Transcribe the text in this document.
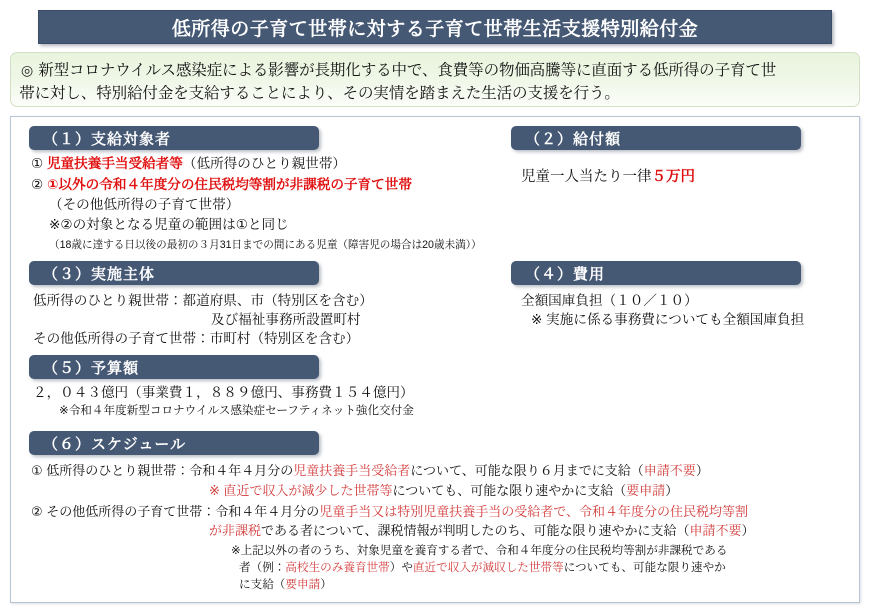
低所得の子育て世帯に対する子育て世帯生活支援特別給付金
◎ 新型コロナウイルス感染症による影響が長期化する中で、食費等の物価高騰等に直面する低所得の子育て世
帯に対し、特別給付金を支給することにより、その実情を踏まえた生活の支援を行う。
（１）支給対象者
① 児童扶養手当受給者等（低所得のひとり親世帯）
② ①以外の令和４年度分の住民税均等割が非課税の子育て世帯
（その他低所得の子育て世帯）
※②の対象となる児童の範囲は①と同じ
（18歳に達する日以後の最初の３月31日までの間にある児童（障害児の場合は20歳未満））
（２）給付額
児童一人当たり一律５万円
（３）実施主体
低所得のひとり親世帯：都道府県、市（特別区を含む）
及び福祉事務所設置町村
その他低所得の子育て世帯：市町村（特別区を含む）
（４）費用
全額国庫負担（１０／１０）
※ 実施に係る事務費についても全額国庫負担
（５）予算額
２，０４３億円（事業費１，８８９億円、事務費１５４億円）
※令和４年度新型コロナウイルス感染症セーフティネット強化交付金
（６）スケジュール
① 低所得のひとり親世帯：令和４年４月分の児童扶養手当受給者について、可能な限り６月までに支給（申請不要）
※ 直近で収入が減少した世帯等についても、可能な限り速やかに支給（要申請）
② その他低所得の子育て世帯：令和４年４月分の児童手当又は特別児童扶養手当の受給者で、令和４年度分の住民税均等割
が非課税である者について、課税情報が判明したのち、可能な限り速やかに支給（申請不要）
※上記以外の者のうち、対象児童を養育する者で、令和４年度分の住民税均等割が非課税である
者（例：高校生のみ養育世帯）や直近で収入が減収した世帯等についても、可能な限り速やか
に支給（要申請）
